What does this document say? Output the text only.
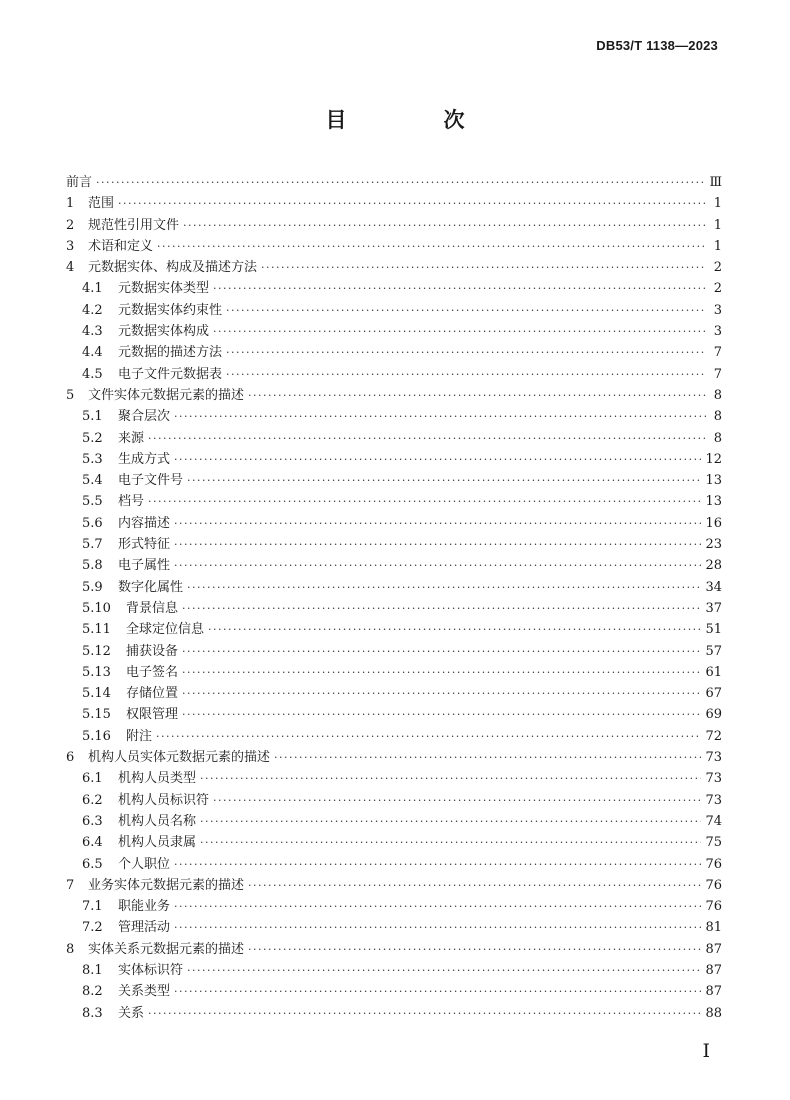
DB53/T 1138—2023
目　次
前言 ·····	Ⅲ
1	范围 ·····	1
2	规范性引用文件 ·····	1
3	术语和定义 ·····	1
4	元数据实体、构成及描述方法 ·····	2
4.1	元数据实体类型 ·····	2
4.2	元数据实体约束性 ·····	3
4.3	元数据实体构成 ·····	3
4.4	元数据的描述方法 ·····	7
4.5	电子文件元数据表 ·····	7
5	文件实体元数据元素的描述 ·····	8
5.1	聚合层次 ·····	8
5.2	来源 ·····	8
5.3	生成方式 ·····	12
5.4	电子文件号 ·····	13
5.5	档号 ·····	13
5.6	内容描述 ·····	16
5.7	形式特征 ·····	23
5.8	电子属性 ·····	28
5.9	数字化属性 ·····	34
5.10	背景信息 ·····	37
5.11	全球定位信息 ·····	51
5.12	捕获设备 ·····	57
5.13	电子签名 ·····	61
5.14	存储位置 ·····	67
5.15	权限管理 ·····	69
5.16	附注 ·····	72
6	机构人员实体元数据元素的描述 ·····	73
6.1	机构人员类型 ·····	73
6.2	机构人员标识符 ·····	73
6.3	机构人员名称 ·····	74
6.4	机构人员隶属 ·····	75
6.5	个人职位 ·····	76
7	业务实体元数据元素的描述 ·····	76
7.1	职能业务 ·····	76
7.2	管理活动 ·····	81
8	实体关系元数据元素的描述 ·····	87
8.1	实体标识符 ·····	87
8.2	关系类型 ·····	87
8.3	关系 ·····	88
I
